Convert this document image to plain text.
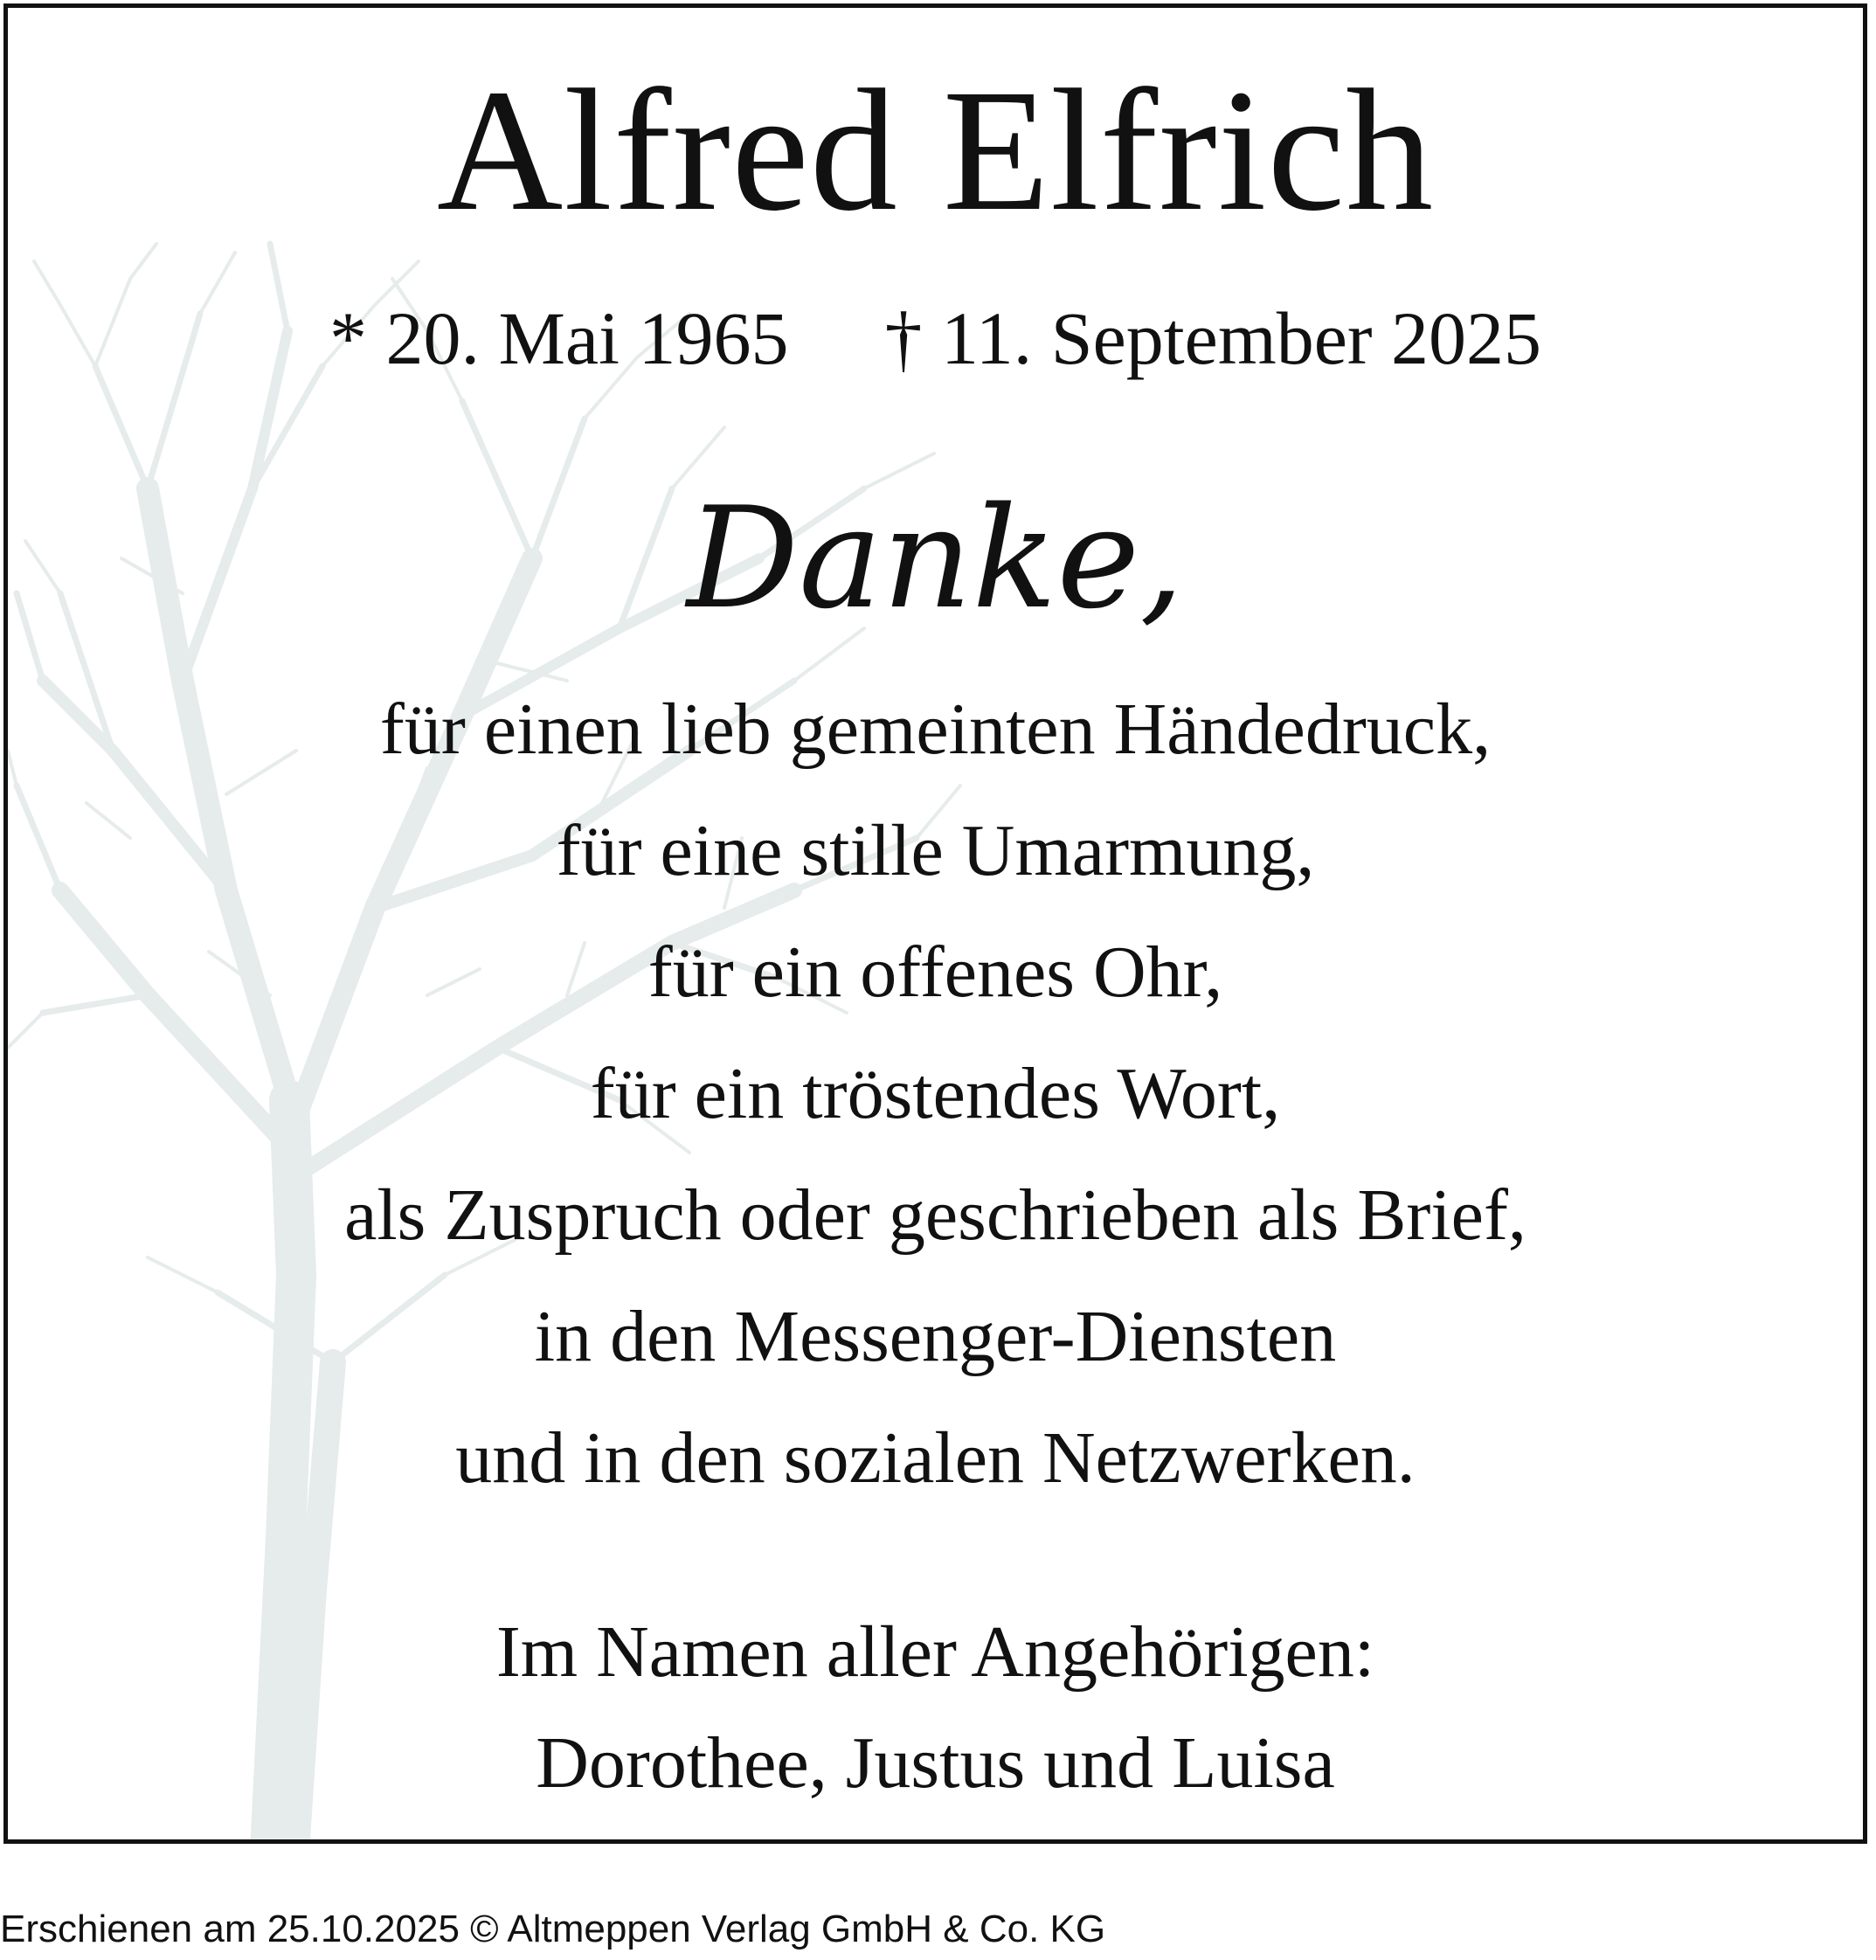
Alfred Elfrich
* 20. Mai 1965 † 11. September 2025
Danke,
für einen lieb gemeinten Händedruck,
für eine stille Umarmung,
für ein offenes Ohr,
für ein tröstendes Wort,
als Zuspruch oder geschrieben als Brief,
in den Messenger-Diensten
und in den sozialen Netzwerken.
Im Namen aller Angehörigen:
Dorothee, Justus und Luisa
Erschienen am 25.10.2025 © Altmeppen Verlag GmbH & Co. KG
